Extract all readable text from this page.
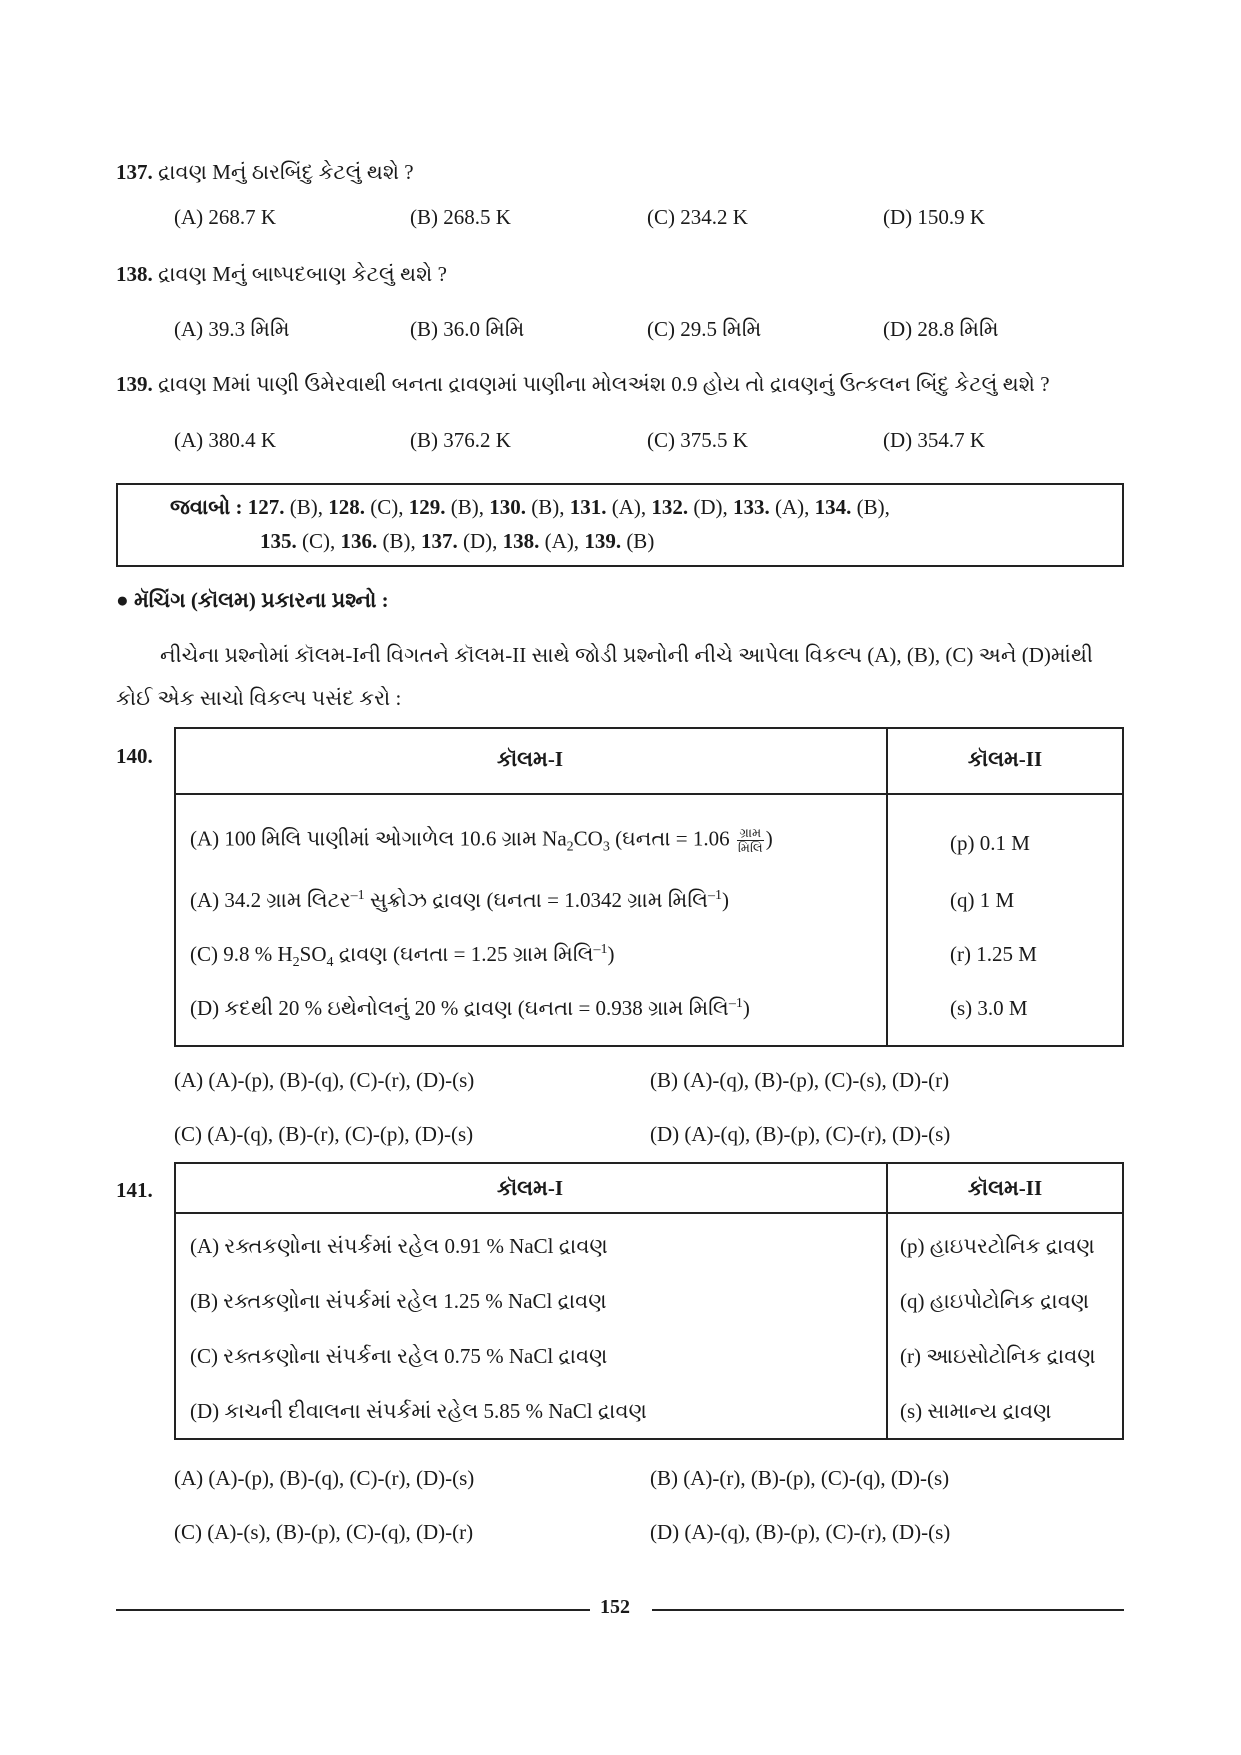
137. દ્રાવણ Mનું ઠારબિંદુ કેટલું થશે ?
(A) 268.7 K	(B) 268.5 K	(C) 234.2 K	(D) 150.9 K
138. દ્રાવણ Mનું બાષ્પદબાણ કેટલું થશે ?
(A) 39.3 મિમિ	(B) 36.0 મિમિ	(C) 29.5 મિમિ	(D) 28.8 મિમિ
139. દ્રાવણ Mમાં પાણી ઉમેરવાથી બનતા દ્રાવણમાં પાણીના મોલઅંશ 0.9 હોય તો દ્રાવણનું ઉત્કલન બિંદુ કેટલું થશે ?
(A) 380.4 K	(B) 376.2 K	(C) 375.5 K	(D) 354.7 K
જવાબો : 127. (B), 128. (C), 129. (B), 130. (B), 131. (A), 132. (D), 133. (A), 134. (B),
135. (C), 136. (B), 137. (D), 138. (A), 139. (B)
● મૅચિંગ (કૉલમ) પ્રકારના પ્રશ્નો :
નીચેના પ્રશ્નોમાં કૉલમ-Iની વિગતને કૉલમ-II સાથે જોડી પ્રશ્નોની નીચે આપેલા વિકલ્પ (A), (B), (C) અને (D)માંથી
કોઈ એક સાચો વિકલ્પ પસંદ કરો :
140.	કૉલમ-I	કૉલમ-II
(A) 100 મિલિ પાણીમાં ઓગાળેલ 10.6 ગ્રામ $Na_2CO_3$ (ઘનતા = $1.06 \frac{\text{ગ્રામ}}{\text{મિલિ}}$ )	(p) 0.1 M
(A) 34.2 ગ્રામ લિટર$^{-1}$ સુક્રોઝ દ્રાવણ (ઘનતા = 1.0342 ગ્રામ મિલિ$^{-1}$)	(q) 1 M
(C) 9.8 % $H_2SO_4$ દ્રાવણ (ઘનતા = 1.25 ગ્રામ મિલિ$^{-1}$)	(r) 1.25 M
(D) કદથી 20 % ઇથેનોલનું 20 % દ્રાવણ (ઘનતા = 0.938 ગ્રામ મિલિ$^{-1}$)	(s) 3.0 M
(A) (A)-(p), (B)-(q), (C)-(r), (D)-(s)	(B) (A)-(q), (B)-(p), (C)-(s), (D)-(r)
(C) (A)-(q), (B)-(r), (C)-(p), (D)-(s)	(D) (A)-(q), (B)-(p), (C)-(r), (D)-(s)
141.	કૉલમ-I	કૉલમ-II
(A) રક્તકણોના સંપર્કમાં રહેલ 0.91 % NaCl દ્રાવણ	(p) હાઇપરટોનિક દ્રાવણ
(B) રક્તકણોના સંપર્કમાં રહેલ 1.25 % NaCl દ્રાવણ	(q) હાઇપોટોનિક દ્રાવણ
(C) રક્તકણોના સંપર્કના રહેલ 0.75 % NaCl દ્રાવણ	(r) આઇસોટોનિક દ્રાવણ
(D) કાચની દીવાલના સંપર્કમાં રહેલ 5.85 % NaCl દ્રાવણ	(s) સામાન્ય દ્રાવણ
(A) (A)-(p), (B)-(q), (C)-(r), (D)-(s)	(B) (A)-(r), (B)-(p), (C)-(q), (D)-(s)
(C) (A)-(s), (B)-(p), (C)-(q), (D)-(r)	(D) (A)-(q), (B)-(p), (C)-(r), (D)-(s)
152
